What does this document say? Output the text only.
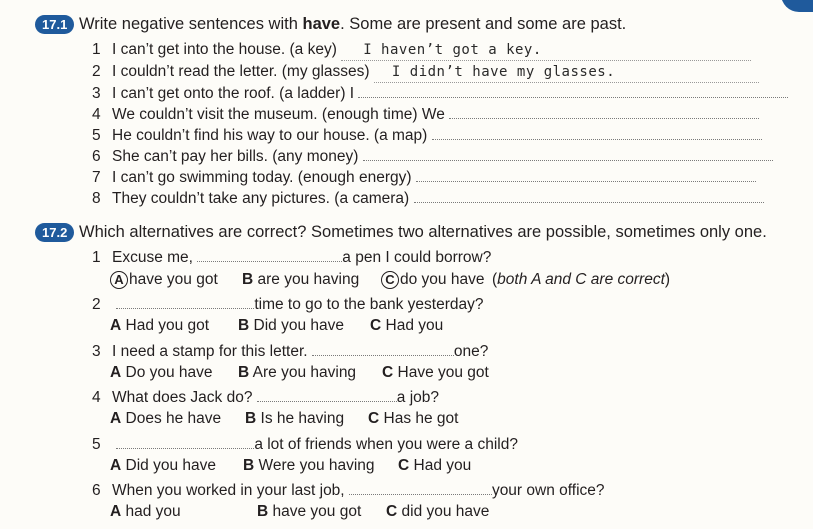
17.1 Write negative sentences with have. Some are present and some are past.
1 I can’t get into the house. (a key) I haven’t got a key.
2 I couldn’t read the letter. (my glasses) I didn’t have my glasses.
3 I can’t get onto the roof. (a ladder) I
4 We couldn’t visit the museum. (enough time) We
5 He couldn’t find his way to our house. (a map)
6 She can’t pay her bills. (any money)
7 I can’t go swimming today. (enough energy)
8 They couldn’t take any pictures. (a camera)
17.2 Which alternatives are correct? Sometimes two alternatives are possible, sometimes only one.
1 Excuse me,	a pen I could borrow?
A have you got B are you having	C do you have (both A and C are correct)
2	time to go to the bank yesterday?
A Had you got B Did you have C Had you
3 I need a stamp for this letter.	one?
A Do you have B Are you having C Have you got
4 What does Jack do?	a job?
A Does he have B Is he having C Has he got
5	a lot of friends when you were a child?
A Did you have B Were you having C Had you
6 When you worked in your last job,	your own office?
A had you	B have you got C did you have
